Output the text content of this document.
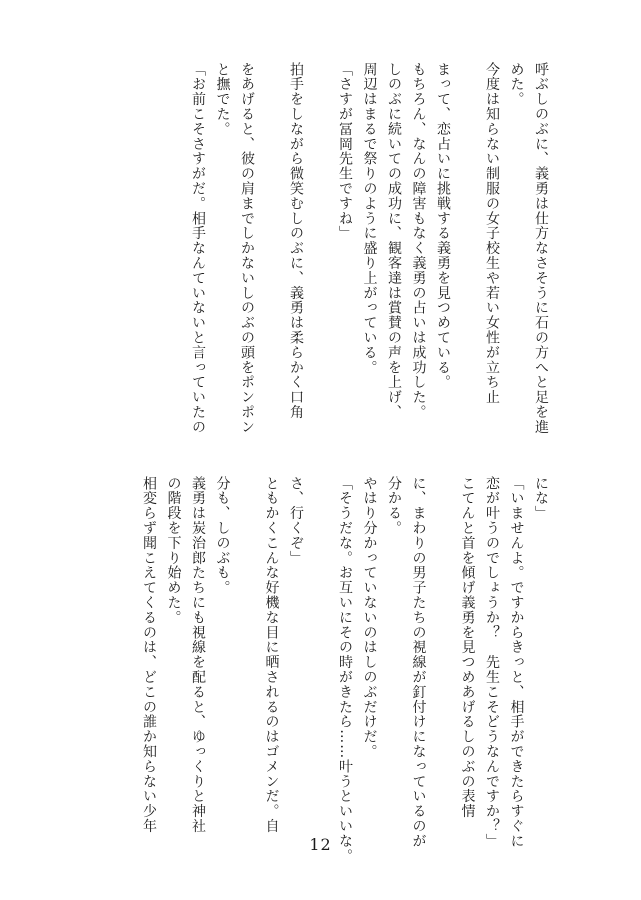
呼ぶしのぶに、義勇は仕方なさそうに石の方へと足を進

めた。

今度は知らない制服の女子校生や若い女性が立ち止

まって、恋占いに挑戦する義勇を見つめている。

もちろん、なんの障害もなく義勇の占いは成功した。

しのぶに続いての成功に、観客達は賞賛の声を上げ、

周辺はまるで祭りのように盛り上がっている。

「さすが冨岡先生ですね」

拍手をしながら微笑むしのぶに、義勇は柔らかく口角

をあげると、彼の肩までしかないしのぶの頭をポンポン

と撫でた。

「お前こそさすがだ。相手なんていないと言っていたの

にな」

「いませんよ。ですからきっと、相手ができたらすぐに

恋が叶うのでしょうか？　先生こそどうなんですか？」

こてんと首を傾げ義勇を見つめあげるしのぶの表情

に、まわりの男子たちの視線が釘付けになっているのが

分かる。

やはり分かっていないのはしのぶだけだ。

「そうだな。お互いにその時がきたら……叶うといいな。

さ、行くぞ」

ともかくこんな好機な目に晒されるのはゴメンだ。自

分も、しのぶも。

義勇は炭治郎たちにも視線を配ると、ゆっくりと神社

の階段を下り始めた。

相変らず聞こえてくるのは、どこの誰か知らない少年

12
